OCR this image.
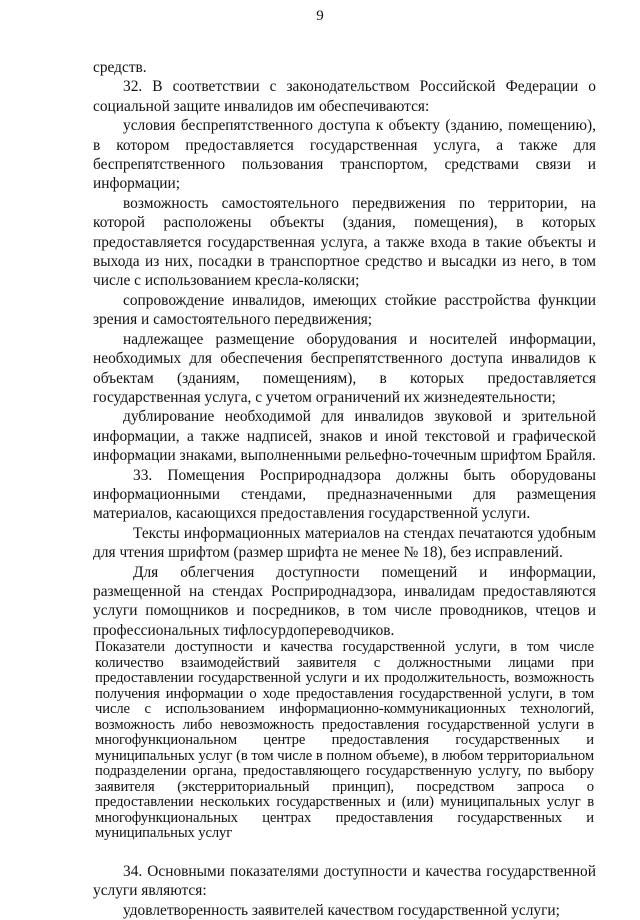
9

средств.

32. В соответствии с законодательством Российской Федерации о социальной защите инвалидов им обеспечиваются:

условия беспрепятственного доступа к объекту (зданию, помещению), в котором предоставляется государственная услуга, а также для беспрепятственного пользования транспортом, средствами связи и информации;

возможность самостоятельного передвижения по территории, на которой расположены объекты (здания, помещения), в которых предоставляется государственная услуга, а также входа в такие объекты и выхода из них, посадки в транспортное средство и высадки из него, в том числе с использованием кресла-коляски;

сопровождение инвалидов, имеющих стойкие расстройства функции зрения и самостоятельного передвижения;

надлежащее размещение оборудования и носителей информации, необходимых для обеспечения беспрепятственного доступа инвалидов к объектам (зданиям, помещениям), в которых предоставляется государственная услуга, с учетом ограничений их жизнедеятельности;

дублирование необходимой для инвалидов звуковой и зрительной информации, а также надписей, знаков и иной текстовой и графической информации знаками, выполненными рельефно-точечным шрифтом Брайля.

33. Помещения Росприроднадзора должны быть оборудованы информационными стендами, предназначенными для размещения материалов, касающихся предоставления государственной услуги.

Тексты информационных материалов на стендах печатаются удобным для чтения шрифтом (размер шрифта не менее № 18), без исправлений.

Для облегчения доступности помещений и информации, размещенной на стендах Росприроднадзора, инвалидам предоставляются услуги помощников и посредников, в том числе проводников, чтецов и профессиональных тифлосурдопереводчиков.

Показатели доступности и качества государственной услуги, в том числе количество взаимодействий заявителя с должностными лицами при предоставлении государственной услуги и их продолжительность, возможность получения информации о ходе предоставления государственной услуги, в том числе с использованием информационно-коммуникационных технологий, возможность либо невозможность предоставления государственной услуги в многофункциональном центре предоставления государственных и муниципальных услуг (в том числе в полном объеме), в любом территориальном подразделении органа, предоставляющего государственную услугу, по выбору заявителя (экстерриториальный принцип), посредством запроса о предоставлении нескольких государственных и (или) муниципальных услуг в многофункциональных центрах предоставления государственных и муниципальных услуг

34. Основными показателями доступности и качества государственной услуги являются:

удовлетворенность заявителей качеством государственной услуги;
